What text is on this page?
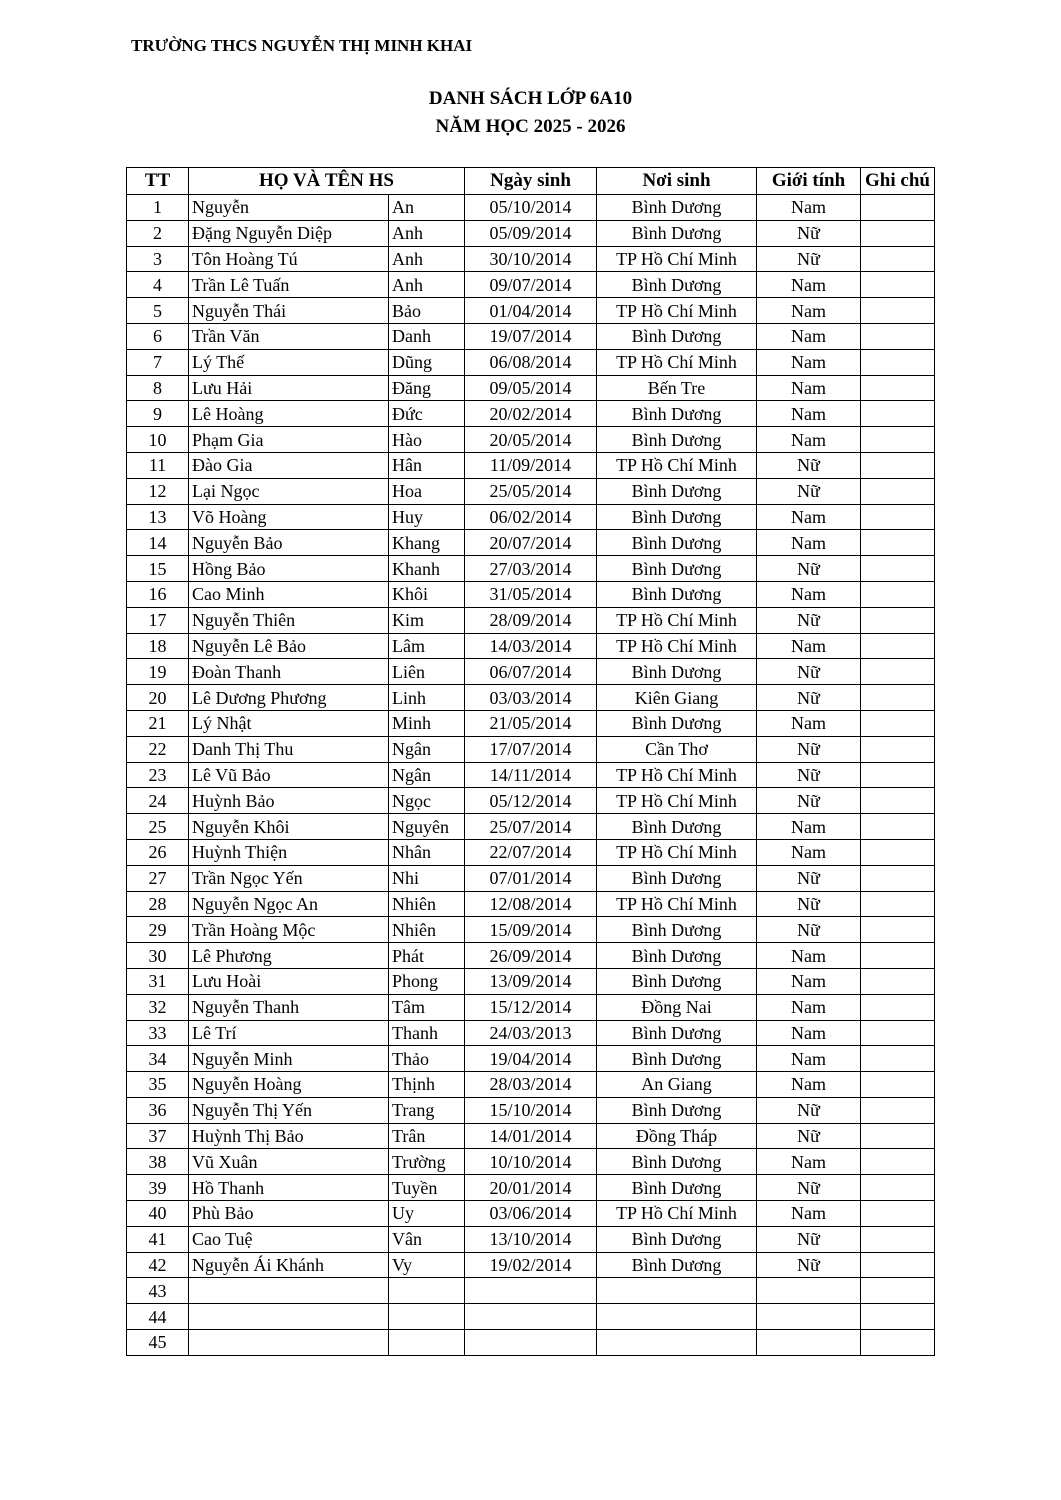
TRƯỜNG THCS NGUYỄN THỊ MINH KHAI
DANH SÁCH LỚP 6A10
NĂM HỌC 2025 - 2026
TT	HỌ VÀ TÊN HS		Ngày sinh	Nơi sinh	Giới tính	Ghi chú
1	Nguyễn	An	05/10/2014	Bình Dương	Nam	
2	Đặng Nguyễn Diệp	Anh	05/09/2014	Bình Dương	Nữ	
3	Tôn Hoàng Tú	Anh	30/10/2014	TP Hồ Chí Minh	Nữ	
4	Trần Lê Tuấn	Anh	09/07/2014	Bình Dương	Nam	
5	Nguyễn Thái	Bảo	01/04/2014	TP Hồ Chí Minh	Nam	
6	Trần Văn	Danh	19/07/2014	Bình Dương	Nam	
7	Lý Thế	Dũng	06/08/2014	TP Hồ Chí Minh	Nam	
8	Lưu Hải	Đăng	09/05/2014	Bến Tre	Nam	
9	Lê Hoàng	Đức	20/02/2014	Bình Dương	Nam	
10	Phạm Gia	Hào	20/05/2014	Bình Dương	Nam	
11	Đào Gia	Hân	11/09/2014	TP Hồ Chí Minh	Nữ	
12	Lại Ngọc	Hoa	25/05/2014	Bình Dương	Nữ	
13	Võ Hoàng	Huy	06/02/2014	Bình Dương	Nam	
14	Nguyễn Bảo	Khang	20/07/2014	Bình Dương	Nam	
15	Hồng Bảo	Khanh	27/03/2014	Bình Dương	Nữ	
16	Cao Minh	Khôi	31/05/2014	Bình Dương	Nam	
17	Nguyễn Thiên	Kim	28/09/2014	TP Hồ Chí Minh	Nữ	
18	Nguyễn Lê Bảo	Lâm	14/03/2014	TP Hồ Chí Minh	Nam	
19	Đoàn Thanh	Liên	06/07/2014	Bình Dương	Nữ	
20	Lê Dương Phương	Linh	03/03/2014	Kiên Giang	Nữ	
21	Lý Nhật	Minh	21/05/2014	Bình Dương	Nam	
22	Danh Thị Thu	Ngân	17/07/2014	Cần Thơ	Nữ	
23	Lê Vũ Bảo	Ngân	14/11/2014	TP Hồ Chí Minh	Nữ	
24	Huỳnh Bảo	Ngọc	05/12/2014	TP Hồ Chí Minh	Nữ	
25	Nguyễn Khôi	Nguyên	25/07/2014	Bình Dương	Nam	
26	Huỳnh Thiện	Nhân	22/07/2014	TP Hồ Chí Minh	Nam	
27	Trần Ngọc Yến	Nhi	07/01/2014	Bình Dương	Nữ	
28	Nguyễn Ngọc An	Nhiên	12/08/2014	TP Hồ Chí Minh	Nữ	
29	Trần Hoàng Mộc	Nhiên	15/09/2014	Bình Dương	Nữ	
30	Lê Phương	Phát	26/09/2014	Bình Dương	Nam	
31	Lưu Hoài	Phong	13/09/2014	Bình Dương	Nam	
32	Nguyễn Thanh	Tâm	15/12/2014	Đồng Nai	Nam	
33	Lê Trí	Thanh	24/03/2013	Bình Dương	Nam	
34	Nguyễn Minh	Thảo	19/04/2014	Bình Dương	Nam	
35	Nguyễn Hoàng	Thịnh	28/03/2014	An Giang	Nam	
36	Nguyễn Thị Yến	Trang	15/10/2014	Bình Dương	Nữ	
37	Huỳnh Thị Bảo	Trân	14/01/2014	Đồng Tháp	Nữ	
38	Vũ Xuân	Trường	10/10/2014	Bình Dương	Nam	
39	Hồ Thanh	Tuyền	20/01/2014	Bình Dương	Nữ	
40	Phù Bảo	Uy	03/06/2014	TP Hồ Chí Minh	Nam	
41	Cao Tuệ	Vân	13/10/2014	Bình Dương	Nữ	
42	Nguyễn Ái Khánh	Vy	19/02/2014	Bình Dương	Nữ	
43						
44						
45						
